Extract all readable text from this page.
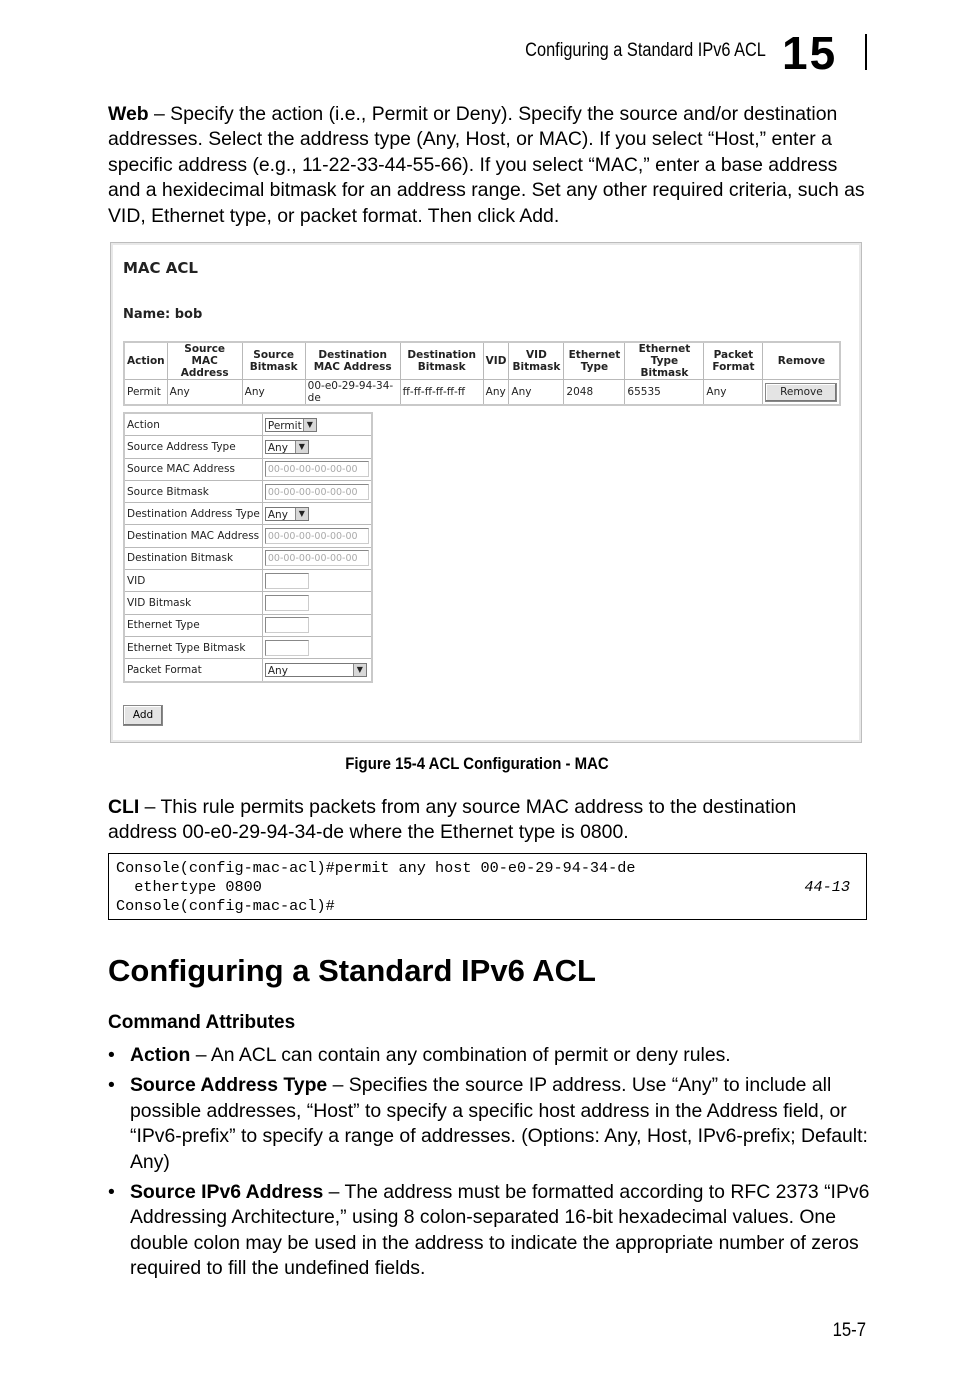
Configuring a Standard IPv6 ACL 15
Web – Specify the action (i.e., Permit or Deny). Specify the source and/or destination addresses. Select the address type (Any, Host, or MAC). If you select “Host,” enter a specific address (e.g., 11-22-33-44-55-66). If you select “MAC,” enter a base address and a hexidecimal bitmask for an address range. Set any other required criteria, such as VID, Ethernet type, or packet format. Then click Add.
MAC ACL
Name: bob
Action	Source MAC Address	Source Bitmask	Destination MAC Address	Destination Bitmask	VID	VID Bitmask	Ethernet Type	Ethernet Type Bitmask	Packet Format	Remove
Permit	Any	Any	00-e0-29-94-34-de	ff-ff-ff-ff-ff-ff	Any	Any	2048	65535	Any	Remove
Action	Permit ▼

Source Address Type	Any ▼

Source MAC Address	00-00-00-00-00-00
Source Bitmask	00-00-00-00-00-00
Destination Address Type	Any ▼

Destination MAC Address	00-00-00-00-00-00
Destination Bitmask	00-00-00-00-00-00
VID	
VID Bitmask	
Ethernet Type	
Ethernet Type Bitmask	
Packet Format	Any ▼
Add
Figure 15-4 ACL Configuration - MAC
CLI – This rule permits packets from any source MAC address to the destination address 00-e0-29-94-34-de where the Ethernet type is 0800.
Console(config-mac-acl)#permit any host 00-e0-29-94-34-de
ethertype 0800
Console(config-mac-acl)#
44-13
Configuring a Standard IPv6 ACL
Command Attributes
• Action – An ACL can contain any combination of permit or deny rules.
• Source Address Type – Specifies the source IP address. Use “Any” to include all possible addresses, “Host” to specify a specific host address in the Address field, or “IPv6-prefix” to specify a range of addresses. (Options: Any, Host, IPv6-prefix; Default: Any)
• Source IPv6 Address – The address must be formatted according to RFC 2373 “IPv6 Addressing Architecture,” using 8 colon-separated 16-bit hexadecimal values. One double colon may be used in the address to indicate the appropriate number of zeros required to fill the undefined fields.
15-7
